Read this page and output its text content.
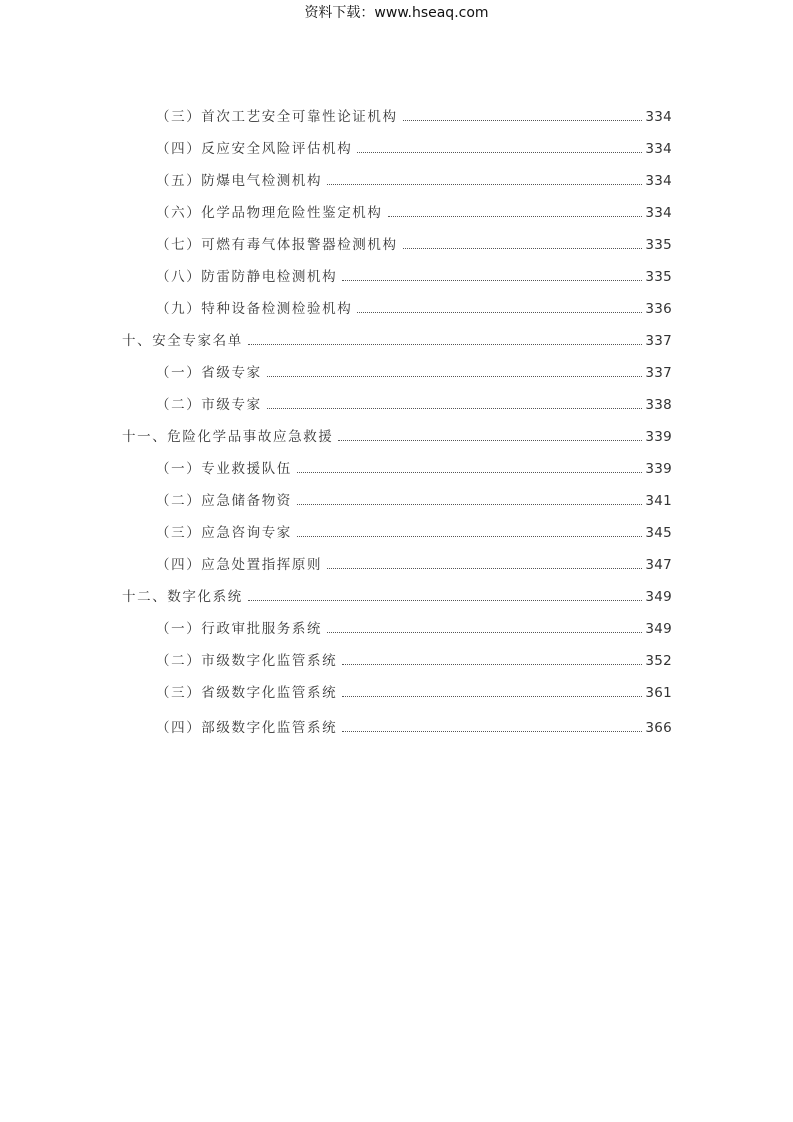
资料下载：www.hseaq.com
（三）首次工艺安全可靠性论证机构	334
（四）反应安全风险评估机构	334
（五）防爆电气检测机构	334
（六）化学品物理危险性鉴定机构	334
（七）可燃有毒气体报警器检测机构	335
（八）防雷防静电检测机构	335
（九）特种设备检测检验机构	336
十、安全专家名单	337
（一）省级专家	337
（二）市级专家	338
十一、危险化学品事故应急救援	339
（一）专业救援队伍	339
（二）应急储备物资	341
（三）应急咨询专家	345
（四）应急处置指挥原则	347
十二、数字化系统	349
（一）行政审批服务系统	349
（二）市级数字化监管系统	352
（三）省级数字化监管系统	361
（四）部级数字化监管系统	366
